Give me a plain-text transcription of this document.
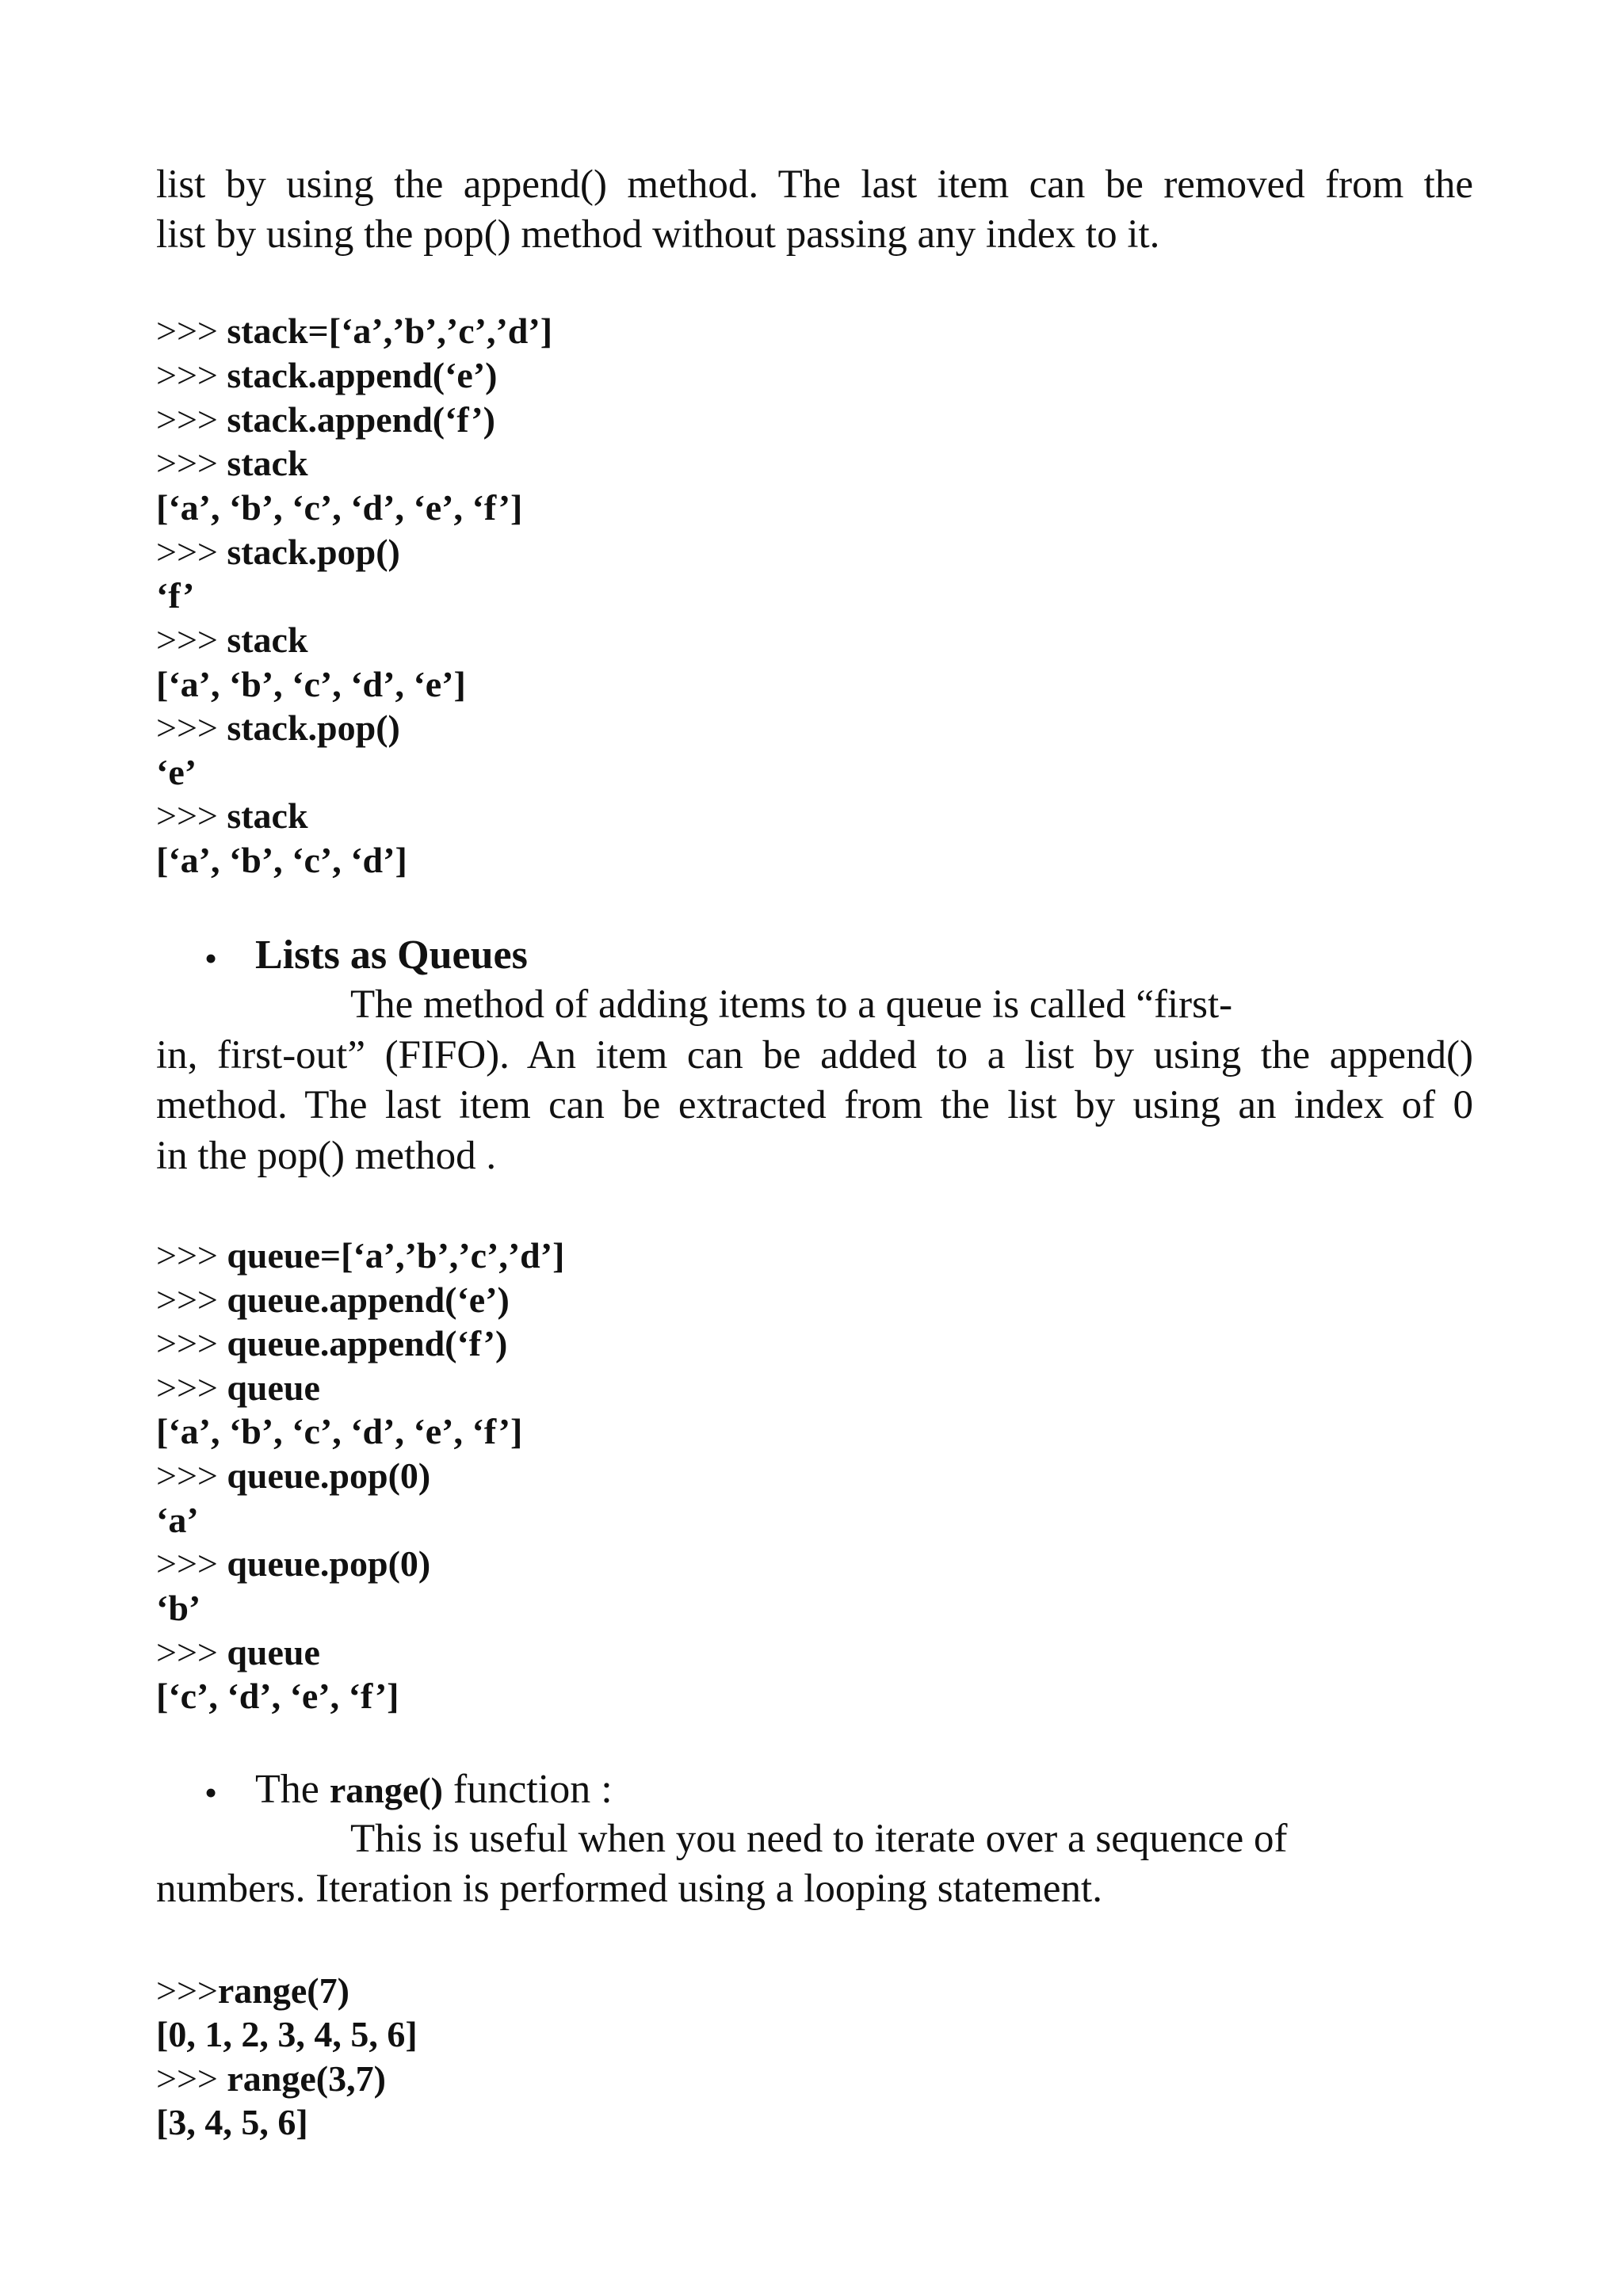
list by using the append() method. The last item can be removed from the
list by using the pop() method without passing any index to it.
>>> stack=[‘a’,’b’,’c’,’d’]
>>> stack.append(‘e’)
>>> stack.append(‘f’)
>>> stack
[‘a’, ‘b’, ‘c’, ‘d’, ‘e’, ‘f’]
>>> stack.pop()
‘f’
>>> stack
[‘a’, ‘b’, ‘c’, ‘d’, ‘e’]
>>> stack.pop()
‘e’
>>> stack
[‘a’, ‘b’, ‘c’, ‘d’]
• Lists as Queues
The method of adding items to a queue is called “first-
in, first-out” (FIFO). An item can be added to a list by using the append()
method. The last item can be extracted from the list by using an index of 0
in the pop() method .
>>> queue=[‘a’,’b’,’c’,’d’]
>>> queue.append(‘e’)
>>> queue.append(‘f’)
>>> queue
[‘a’, ‘b’, ‘c’, ‘d’, ‘e’, ‘f’]
>>> queue.pop(0)
‘a’
>>> queue.pop(0)
‘b’
>>> queue
[‘c’, ‘d’, ‘e’, ‘f’]
• The range() function :
This is useful when you need to iterate over a sequence of
numbers. Iteration is performed using a looping statement.
>>>range(7)
[0, 1, 2, 3, 4, 5, 6]
>>> range(3,7)
[3, 4, 5, 6]
